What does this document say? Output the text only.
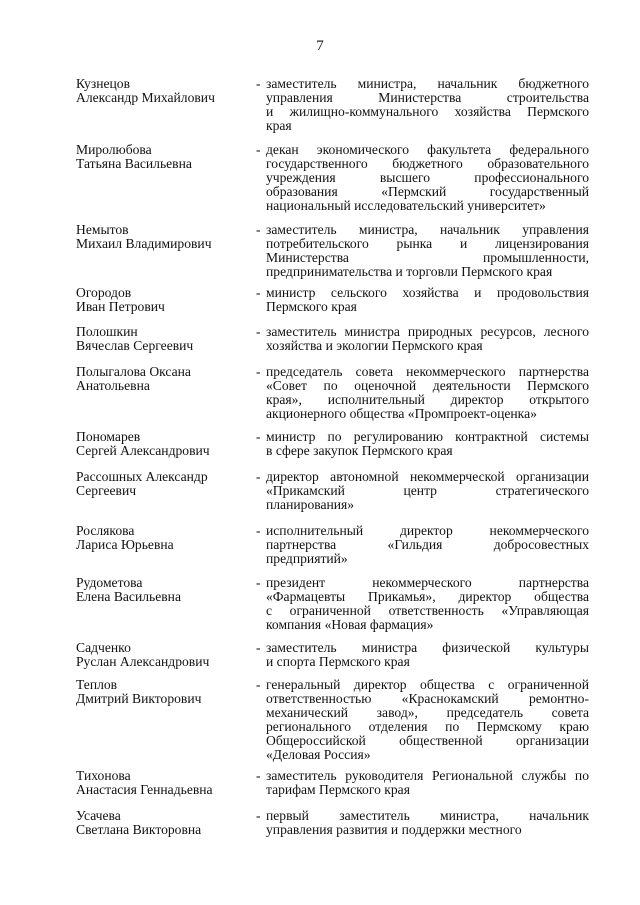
7
Кузнецов
Александр Михайлович
- заместитель министра, начальник бюджетного
управления Министерства строительства
и жилищно-коммунального хозяйства Пермского
края
Миролюбова
Татьяна Васильевна
- декан экономического факультета федерального
государственного бюджетного образовательного
учреждения высшего профессионального
образования «Пермский государственный
национальный исследовательский университет»
Немытов
Михаил Владимирович
- заместитель министра, начальник управления
потребительского рынка и лицензирования
Министерства промышленности,
предпринимательства и торговли Пермского края
Огородов
Иван Петрович
- министр сельского хозяйства и продовольствия
Пермского края
Полошкин
Вячеслав Сергеевич
- заместитель министра природных ресурсов, лесного
хозяйства и экологии Пермского края
Полыгалова Оксана
Анатольевна
- председатель совета некоммерческого партнерства
«Совет по оценочной деятельности Пермского
края», исполнительный директор открытого
акционерного общества «Промпроект-оценка»
Пономарев
Сергей Александрович
- министр по регулированию контрактной системы
в сфере закупок Пермского края
Рассошных Александр
Сергеевич
- директор автономной некоммерческой организации
«Прикамский центр стратегического
планирования»
Рослякова
Лариса Юрьевна
- исполнительный директор некоммерческого
партнерства «Гильдия добросовестных
предприятий»
Рудометова
Елена Васильевна
- президент некоммерческого партнерства
«Фармацевты Прикамья», директор общества
с ограниченной ответственность «Управляющая
компания «Новая фармация»
Садченко
Руслан Александрович
- заместитель министра физической культуры
и спорта Пермского края
Теплов
Дмитрий Викторович
- генеральный директор общества с ограниченной
ответственностью «Краснокамский ремонтно-
механический завод», председатель совета
регионального отделения по Пермскому краю
Общероссийской общественной организации
«Деловая Россия»
Тихонова
Анастасия Геннадьевна
- заместитель руководителя Региональной службы по
тарифам Пермского края
Усачева
Светлана Викторовна
- первый заместитель министра, начальник
управления развития и поддержки местного
